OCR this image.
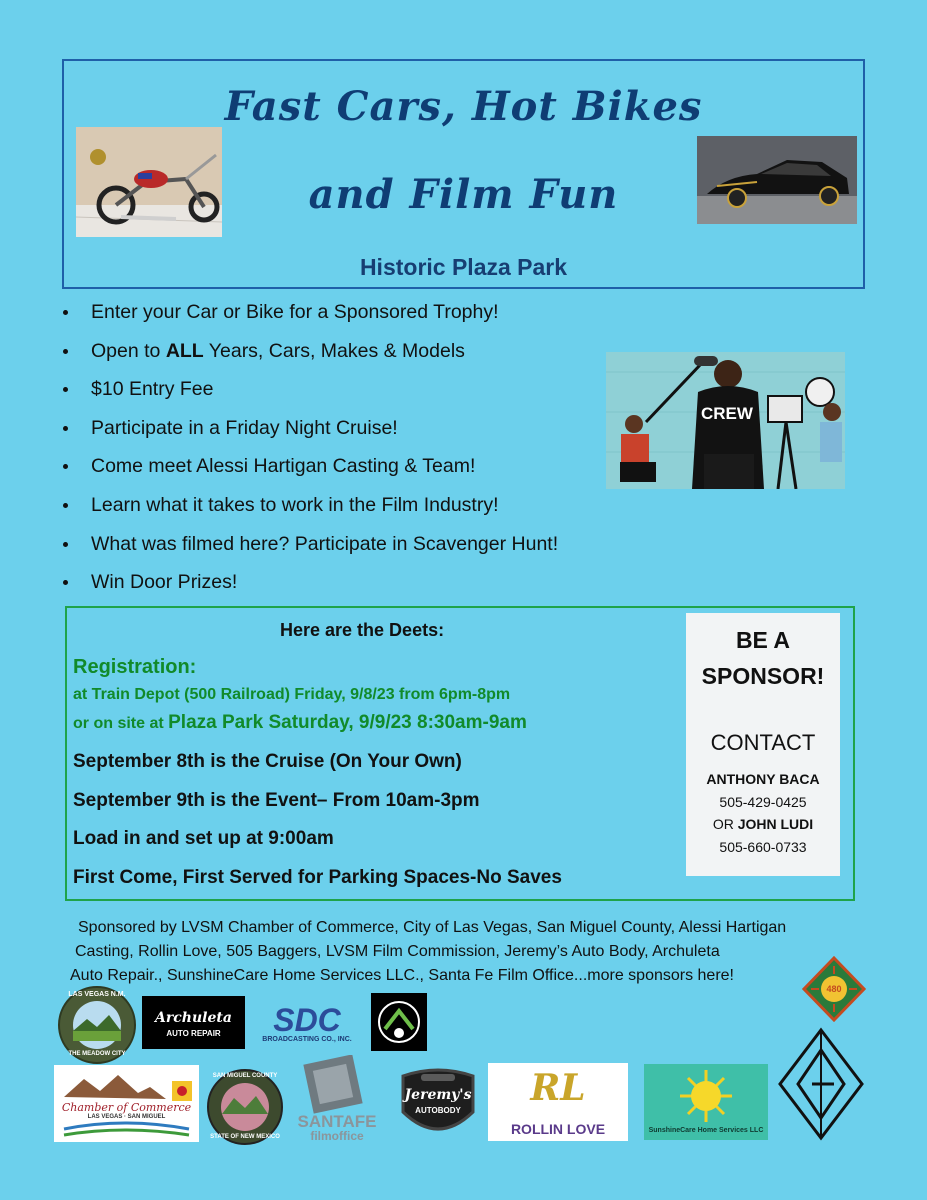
Fast Cars, Hot Bikes
and Film Fun
Historic Plaza Park
Enter your Car or Bike for a Sponsored Trophy!
Open to ALL Years, Cars, Makes & Models
$10 Entry Fee
Participate in a Friday Night Cruise!
Come meet Alessi Hartigan Casting & Team!
Learn what it takes to work in the Film Industry!
What was filmed here? Participate in Scavenger Hunt!
Win Door Prizes!
CREW
Here are the Deets:
Registration:
at Train Depot (500 Railroad) Friday, 9/8/23 from 6pm-8pm
or on site at Plaza Park Saturday, 9/9/23 8:30am-9am
September 8th is the Cruise (On Your Own)
September 9th is the Event– From 10am-3pm
Load in and set up at 9:00am
First Come, First Served for Parking Spaces-No Saves
BE A
SPONSOR!
CONTACT
ANTHONY BACA
505-429-0425
OR JOHN LUDI
505-660-0733
Sponsored by LVSM Chamber of Commerce, City of Las Vegas, San Miguel County, Alessi Hartigan
Casting, Rollin Love, 505 Baggers, LVSM Film Commission, Jeremy’s Auto Body, Archuleta
Auto Repair., SunshineCare Home Services LLC., Santa Fe Film Office...more sponsors here!
LAS VEGAS N.M.
THE MEADOW CITY
Archuleta
AUTO REPAIR	SDC
BROADCASTING CO., INC.
480
Chamber of Commerce
LAS VEGAS · SAN MIGUEL
SAN MIGUEL COUNTY
STATE OF NEW MEXICO
SANTAFE
filmoffice
Jeremy's
AUTOBODY
RL
ROLLIN LOVE	SunshineCare Home Services LLC
